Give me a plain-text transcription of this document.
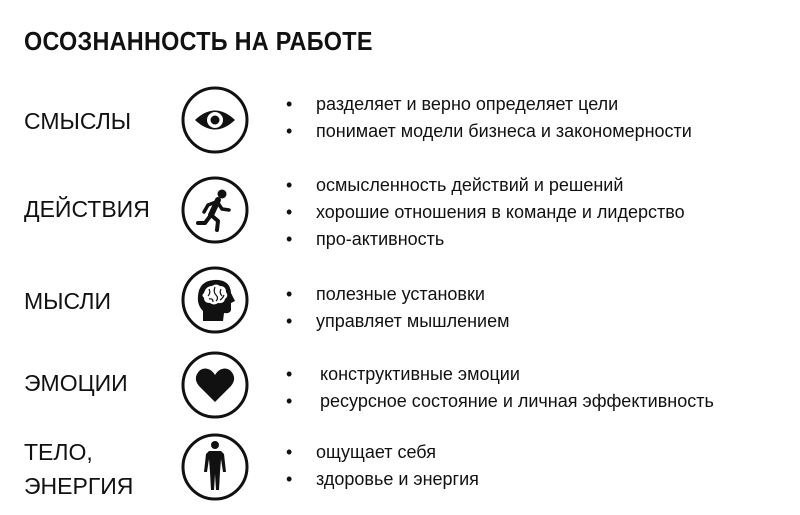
ОСОЗНАННОСТЬ НА РАБОТЕ
СМЫСЛЫ
• разделяет и верно определяет цели
• понимает модели бизнеса и закономерности
ДЕЙСТВИЯ
• осмысленность действий и решений
• хорошие отношения в команде и лидерство
• про-активность
МЫСЛИ	• полезные установки
• управляет мышлением
ЭМОЦИИ	• конструктивные эмоции
• ресурсное состояние и личная эффективность
ТЕЛО,
ЭНЕРГИЯ
• ощущает себя
• здоровье и энергия
